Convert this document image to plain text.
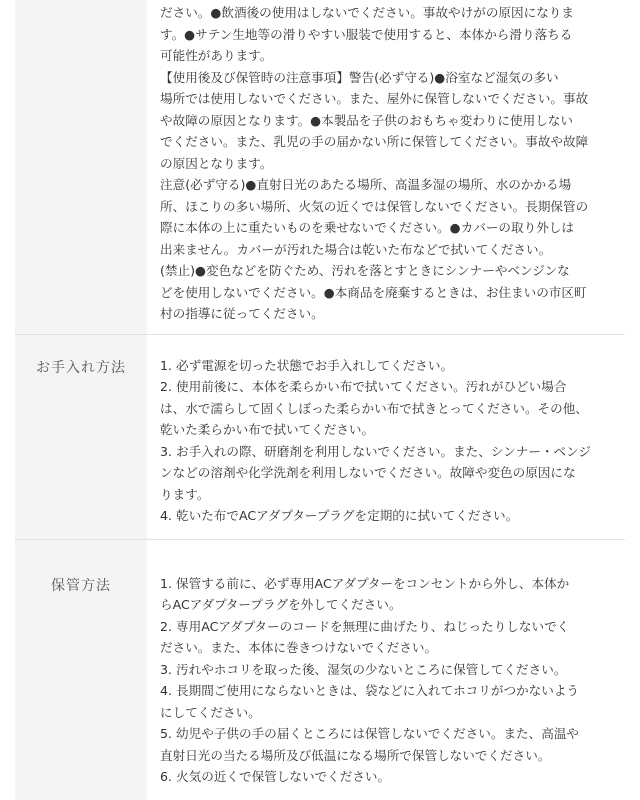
ださい。●飲酒後の使用はしないでください。事故やけがの原因になりま
す。●サテン生地等の滑りやすい服装で使用すると、本体から滑り落ちる
可能性があります。
【使用後及び保管時の注意事項】警告(必ず守る)●浴室など湿気の多い
場所では使用しないでください。また、屋外に保管しないでください。事故
や故障の原因となります。●本製品を子供のおもちゃ変わりに使用しない
でください。また、乳児の手の届かない所に保管してください。事故や故障
の原因となります。
注意(必ず守る)●直射日光のあたる場所、高温多湿の場所、水のかかる場
所、ほこりの多い場所、火気の近くでは保管しないでください。長期保管の
際に本体の上に重たいものを乗せないでください。●カバーの取り外しは
出来ません。カバーが汚れた場合は乾いた布などで拭いてください。
(禁止)●変色などを防ぐため、汚れを落とすときにシンナーやベンジンな
どを使用しないでください。●本商品を廃棄するときは、お住まいの市区町
村の指導に従ってください。
お手入れ方法	1. 必ず電源を切った状態でお手入れしてください。
2. 使用前後に、本体を柔らかい布で拭いてください。汚れがひどい場合
は、水で濡らして固くしぼった柔らかい布で拭きとってください。その他、
乾いた柔らかい布で拭いてください。
3. お手入れの際、研磨剤を利用しないでください。また、シンナー・ベンジ
ンなどの溶剤や化学洗剤を利用しないでください。故障や変色の原因にな
ります。
4. 乾いた布でACアダプタープラグを定期的に拭いてください。
保管方法	1. 保管する前に、必ず専用ACアダプターをコンセントから外し、本体か
らACアダプタープラグを外してください。
2. 専用ACアダプターのコードを無理に曲げたり、ねじったりしないでく
ださい。また、本体に巻きつけないでください。
3. 汚れやホコリを取った後、湿気の少ないところに保管してください。
4. 長期間ご使用にならないときは、袋などに入れてホコリがつかないよう
にしてください。
5. 幼児や子供の手の届くところには保管しないでください。また、高温や
直射日光の当たる場所及び低温になる場所で保管しないでください。
6. 火気の近くで保管しないでください。
